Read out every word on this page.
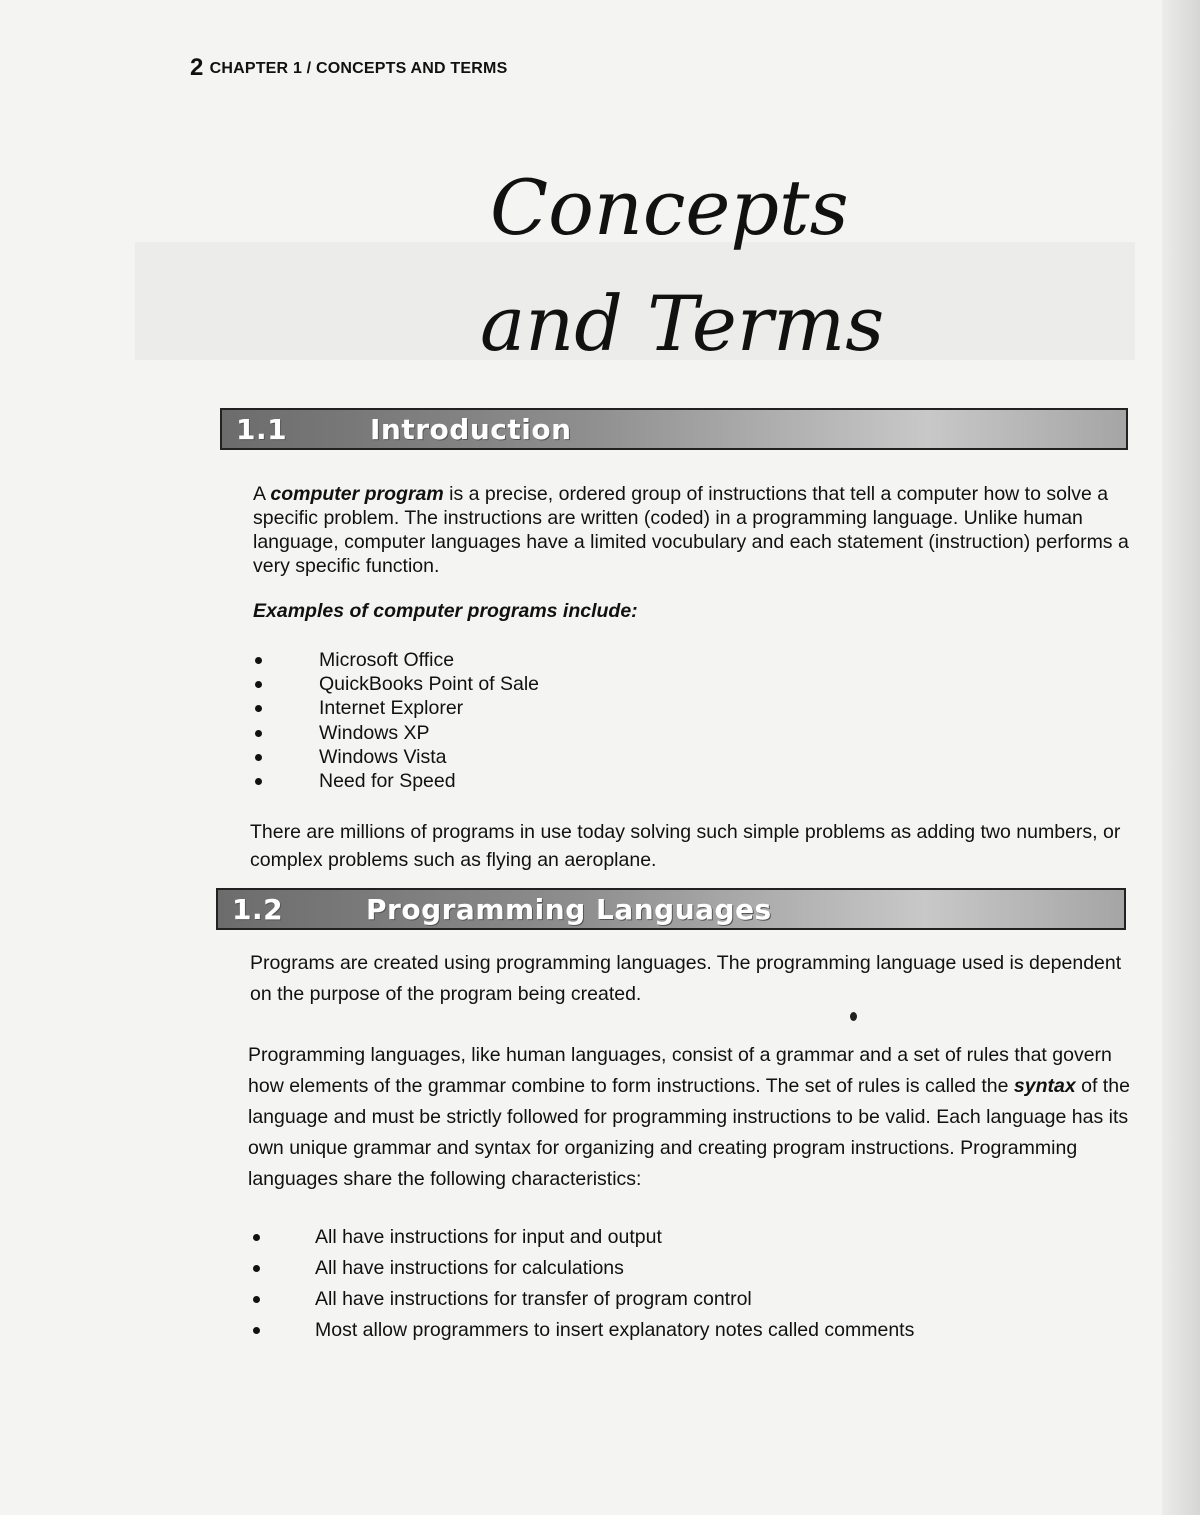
2 CHAPTER 1 / CONCEPTS AND TERMS
Concepts
and Terms
1.1	Introduction
A computer program is a precise, ordered group of instructions that tell a computer how to solve a specific problem. The instructions are written (coded) in a programming language. Unlike human language, computer languages have a limited vocubulary and each statement (instruction) performs a very specific function.
Examples of computer programs include:
Microsoft Office
QuickBooks Point of Sale
Internet Explorer
Windows XP
Windows Vista
Need for Speed
There are millions of programs in use today solving such simple problems as adding two numbers, or complex problems such as flying an aeroplane.
1.2	Programming Languages
Programs are created using programming languages. The programming language used is dependent on the purpose of the program being created.
Programming languages, like human languages, consist of a grammar and a set of rules that govern how elements of the grammar combine to form instructions. The set of rules is called the syntax of the language and must be strictly followed for programming instructions to be valid. Each language has its own unique grammar and syntax for organizing and creating program instructions. Programming languages share the following characteristics:
All have instructions for input and output
All have instructions for calculations
All have instructions for transfer of program control
Most allow programmers to insert explanatory notes called comments
